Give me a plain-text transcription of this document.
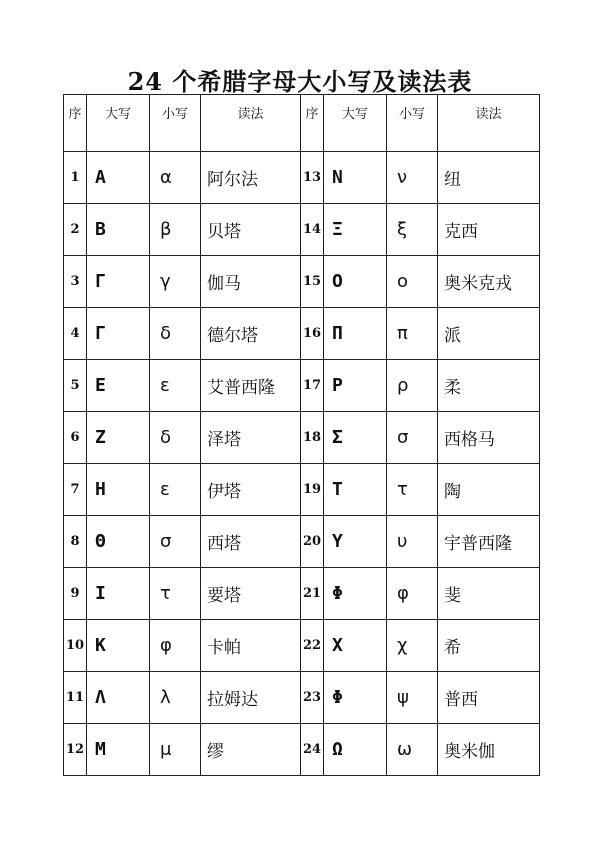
24 个希腊字母大小写及读法表
序	大写	小写	读法	序	大写	小写	读法
1	Α	α	阿尔法	13	Ν	ν	纽
2	Β	β	贝塔	14	Ξ	ξ	克西
3	Γ	γ	伽马	15	Ο	ο	奥米克戎
4	Γ	δ	德尔塔	16	Π	π	派
5	Ε	ε	艾普西隆	17	Ρ	ρ	柔
6	Ζ	δ	泽塔	18	Σ	σ	西格马
7	Η	ε	伊塔	19	Τ	τ	陶
8	Θ	σ	西塔	20	Υ	υ	宇普西隆
9	Ι	τ	要塔	21	Φ	φ	斐
10	Κ	φ	卡帕	22	Χ	χ	希
11	Λ	λ	拉姆达	23	Φ	ψ	普西
12	Μ	μ	缪	24	Ω	ω	奥米伽
